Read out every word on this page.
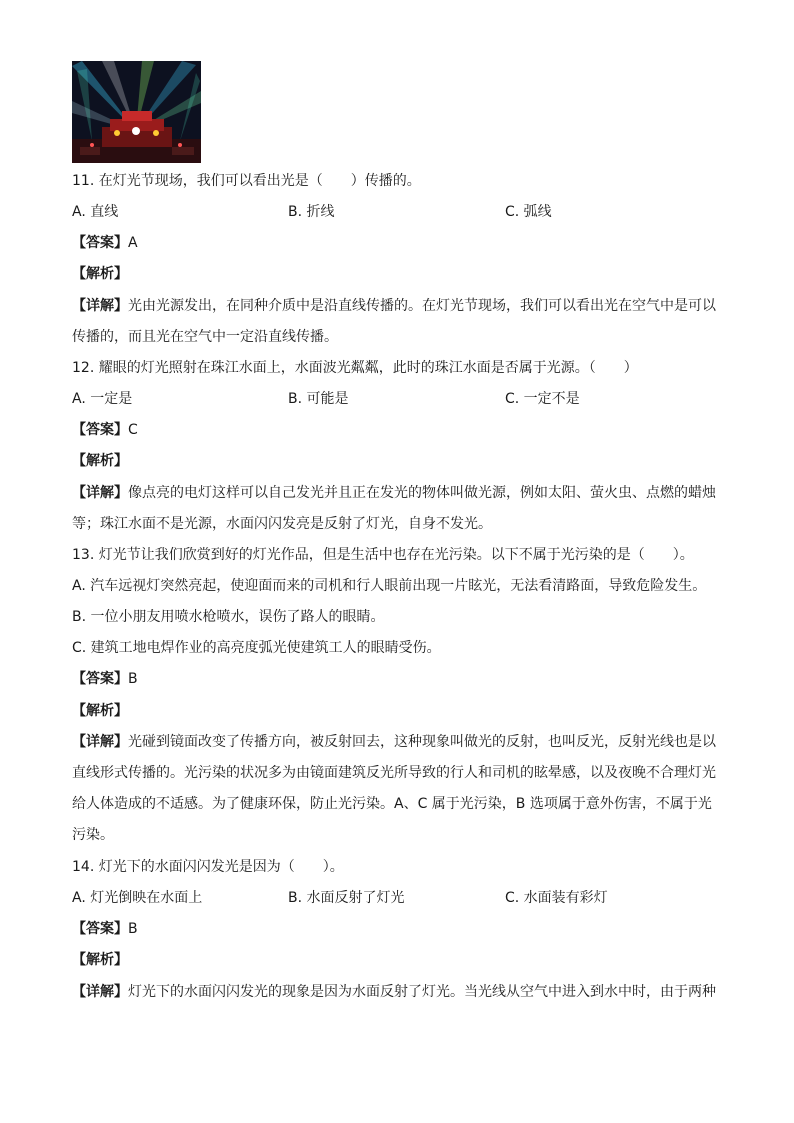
11. 在灯光节现场，我们可以看出光是（　　）传播的。
A. 直线	B. 折线	C. 弧线
【答案】A
【解析】
【详解】光由光源发出，在同种介质中是沿直线传播的。在灯光节现场，我们可以看出光在空气中是可以
传播的，而且光在空气中一定沿直线传播。
12. 耀眼的灯光照射在珠江水面上，水面波光粼粼，此时的珠江水面是否属于光源。（　　）
A. 一定是	B. 可能是	C. 一定不是
【答案】C
【解析】
【详解】像点亮的电灯这样可以自己发光并且正在发光的物体叫做光源，例如太阳、萤火虫、点燃的蜡烛
等；珠江水面不是光源，水面闪闪发亮是反射了灯光，自身不发光。
13. 灯光节让我们欣赏到好的灯光作品，但是生活中也存在光污染。以下不属于光污染的是（　　）。
A. 汽车远视灯突然亮起，使迎面而来的司机和行人眼前出现一片眩光，无法看清路面，导致危险发生。
B. 一位小朋友用喷水枪喷水，误伤了路人的眼睛。
C. 建筑工地电焊作业的高亮度弧光使建筑工人的眼睛受伤。
【答案】B
【解析】
【详解】光碰到镜面改变了传播方向，被反射回去，这种现象叫做光的反射，也叫反光，反射光线也是以
直线形式传播的。光污染的状况多为由镜面建筑反光所导致的行人和司机的眩晕感，以及夜晚不合理灯光
给人体造成的不适感。为了健康环保，防止光污染。A、C 属于光污染，B 选项属于意外伤害，不属于光
污染。
14. 灯光下的水面闪闪发光是因为（　　）。
A. 灯光倒映在水面上	B. 水面反射了灯光	C. 水面装有彩灯
【答案】B
【解析】
【详解】灯光下的水面闪闪发光的现象是因为水面反射了灯光。当光线从空气中进入到水中时，由于两种
